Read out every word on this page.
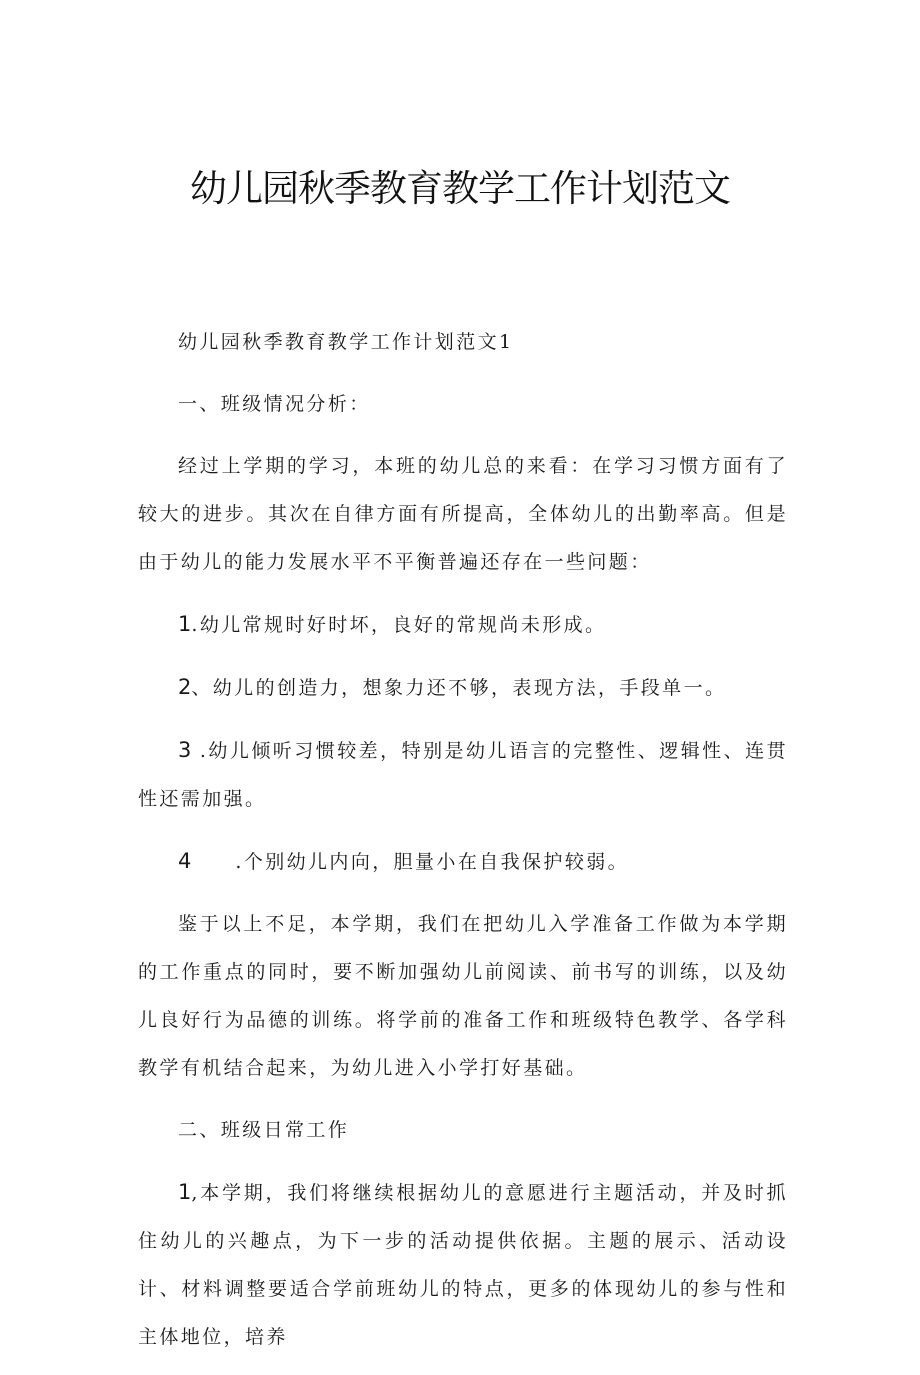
幼儿园秋季教育教学工作计划范文

幼儿园秋季教育教学工作计划范文1

一、班级情况分析：

经过上学期的学习，本班的幼儿总的来看：在学习习惯方面有了较大的进步。其次在自律方面有所提高，全体幼儿的出勤率高。但是由于幼儿的能力发展水平不平衡普遍还存在一些问题：

1.幼儿常规时好时坏，良好的常规尚未形成。

2、幼儿的创造力，想象力还不够，表现方法，手段单一。

3 .幼儿倾听习惯较差，特别是幼儿语言的完整性、逻辑性、连贯性还需加强。

4 .个别幼儿内向，胆量小在自我保护较弱。

鉴于以上不足，本学期，我们在把幼儿入学准备工作做为本学期的工作重点的同时，要不断加强幼儿前阅读、前书写的训练，以及幼儿良好行为品德的训练。将学前的准备工作和班级特色教学、各学科教学有机结合起来，为幼儿进入小学打好基础。

二、班级日常工作

1,本学期，我们将继续根据幼儿的意愿进行主题活动，并及时抓住幼儿的兴趣点，为下一步的活动提供依据。主题的展示、活动设计、材料调整要适合学前班幼儿的特点，更多的体现幼儿的参与性和主体地位，培养
